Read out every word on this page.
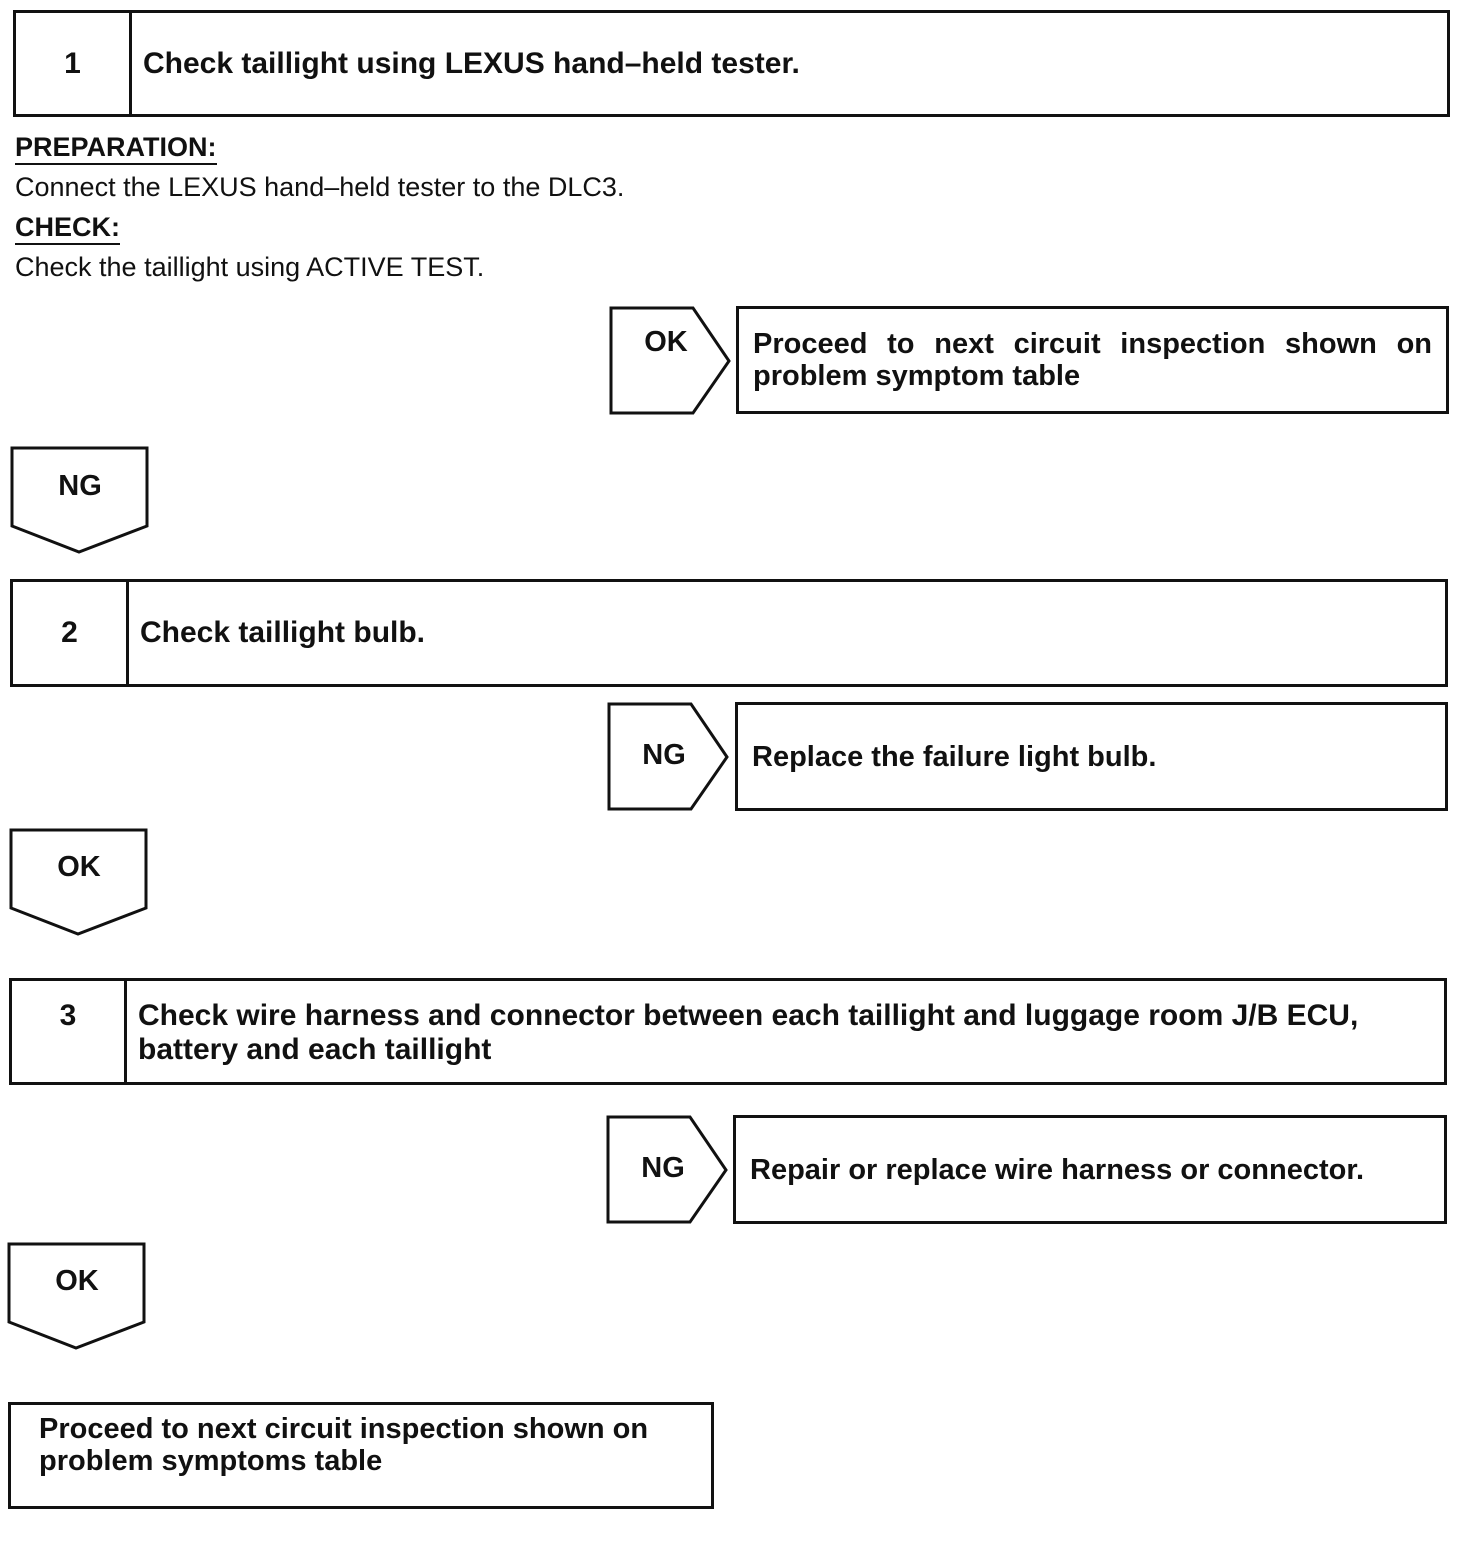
1	Check taillight using LEXUS hand–held tester.
PREPARATION:
Connect the LEXUS hand–held tester to the DLC3.
CHECK:
Check the taillight using ACTIVE TEST.
OK	Proceed to next circuit inspection shown on problem symptom table
NG
2	Check taillight bulb.
NG	Replace the failure light bulb.
OK
3	Check wire harness and connector between each taillight and luggage room J/B ECU, battery and each taillight
NG	Repair or replace wire harness or connector.
OK
Proceed to next circuit inspection shown on problem symptoms table
